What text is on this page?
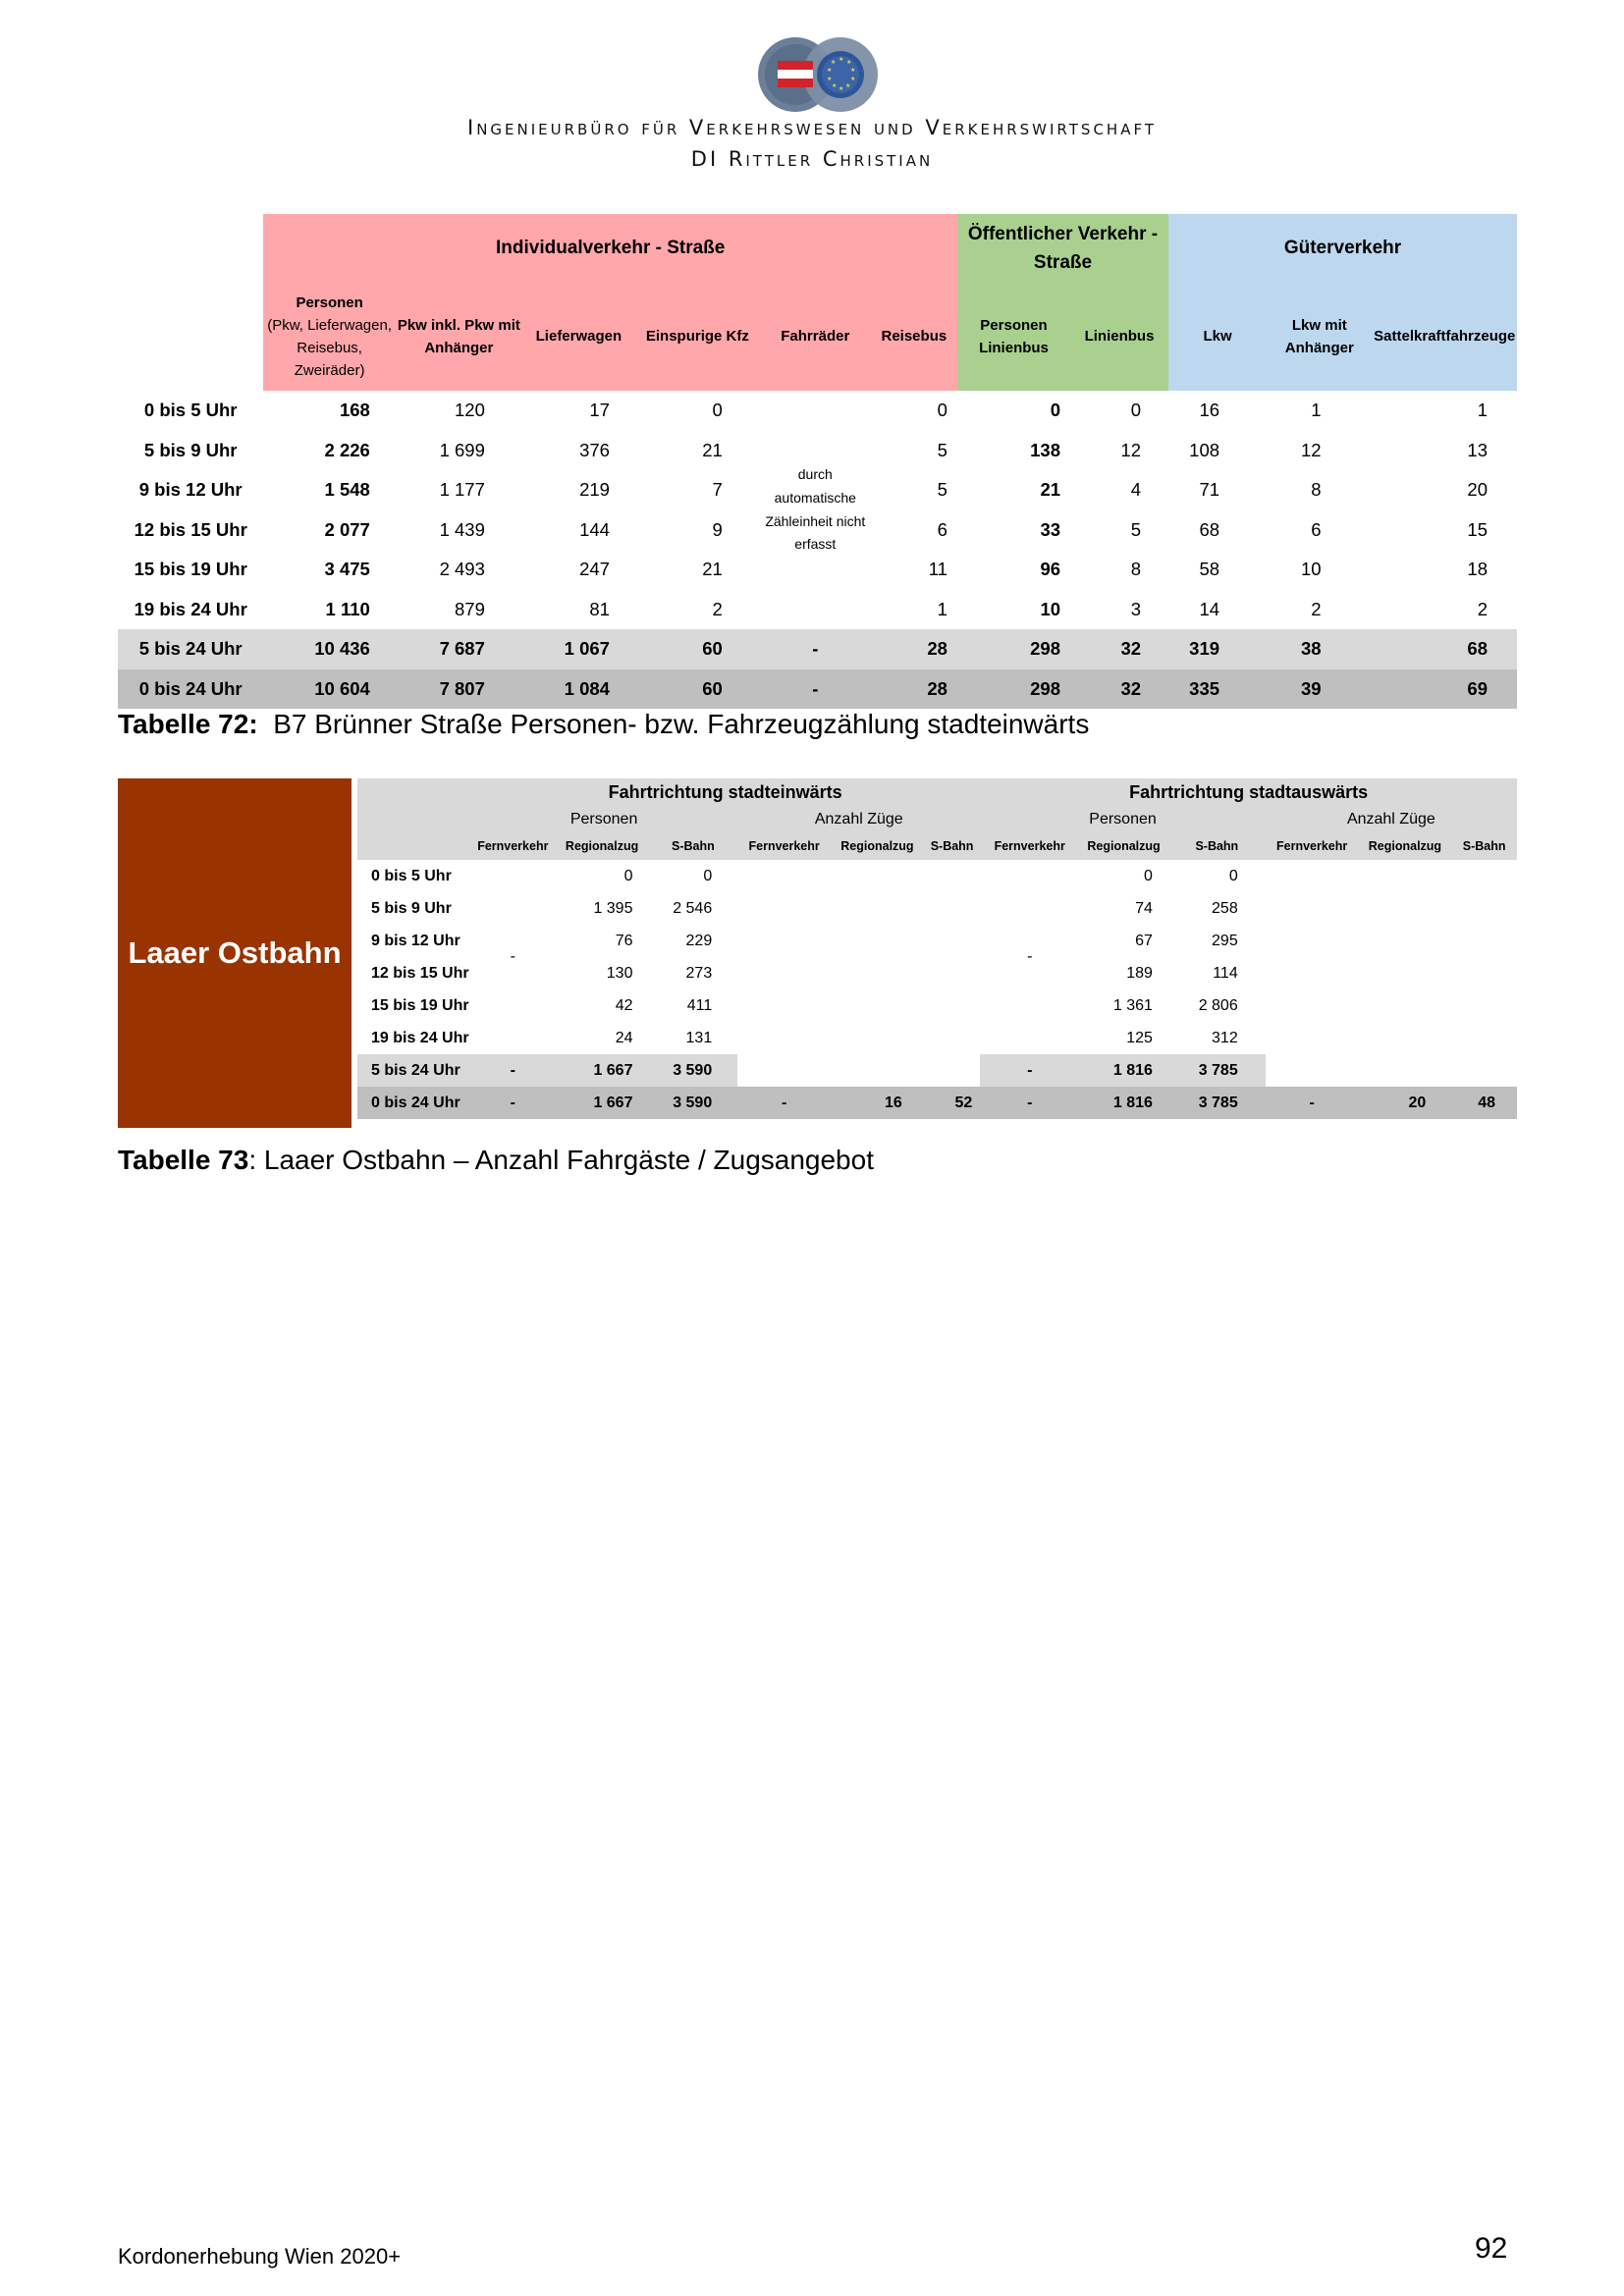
★ ★
★
★
★
★
★
★
★
★
Ingenieurbüro für Verkehrswesen und Verkehrswirtschaft
DI Rittler Christian
	Individualverkehr - Straße						Öffentlicher Verkehr - Straße		Güterverkehr		
	Personen
(Pkw, Lieferwagen, Reisebus, Zweiräder)	Pkw inkl. Pkw mit Anhänger	Lieferwagen	Einspurige Kfz	Fahrräder	Reisebus	Personen Linienbus	Linienbus	Lkw	Lkw mit Anhänger	Sattelkraftfahrzeuge
0 bis 5 Uhr	168	120	17	0	durch automatische Zähleinheit nicht erfasst	0	0	0	16	1	1
5 bis 9 Uhr	2 226	1 699	376	21		5	138	12	108	12	13
9 bis 12 Uhr	1 548	1 177	219	7		5	21	4	71	8	20
12 bis 15 Uhr	2 077	1 439	144	9		6	33	5	68	6	15
15 bis 19 Uhr	3 475	2 493	247	21		11	96	8	58	10	18
19 bis 24 Uhr	1 110	879	81	2		1	10	3	14	2	2
5 bis 24 Uhr	10 436	7 687	1 067	60	-	28	298	32	319	38	68
0 bis 24 Uhr	10 604	7 807	1 084	60	-	28	298	32	335	39	69
Tabelle 72:  B7 Brünner Straße Personen- bzw. Fahrzeugzählung stadteinwärts
Laaer Ostbahn
	Fahrtrichtung stadteinwärts						Fahrtrichtung stadtauswärts					
	Personen			Anzahl Züge			Personen			Anzahl Züge		
	Fernverkehr	Regionalzug	S-Bahn	Fernverkehr	Regionalzug	S-Bahn	Fernverkehr	Regionalzug	S-Bahn	Fernverkehr	Regionalzug	S-Bahn
0 bis 5 Uhr	-	0	0				-	0	0			
5 bis 9 Uhr		1 395	2 546					74	258			
9 bis 12 Uhr		76	229					67	295			
12 bis 15 Uhr		130	273					189	114			
15 bis 19 Uhr		42	411					1 361	2 806			
19 bis 24 Uhr		24	131					125	312			
5 bis 24 Uhr	-	1 667	3 590				-	1 816	3 785			
0 bis 24 Uhr	-	1 667	3 590	-	16	52	-	1 816	3 785	-	20	48
Tabelle 73: Laaer Ostbahn – Anzahl Fahrgäste / Zugsangebot
Kordonerhebung Wien 2020+	92
